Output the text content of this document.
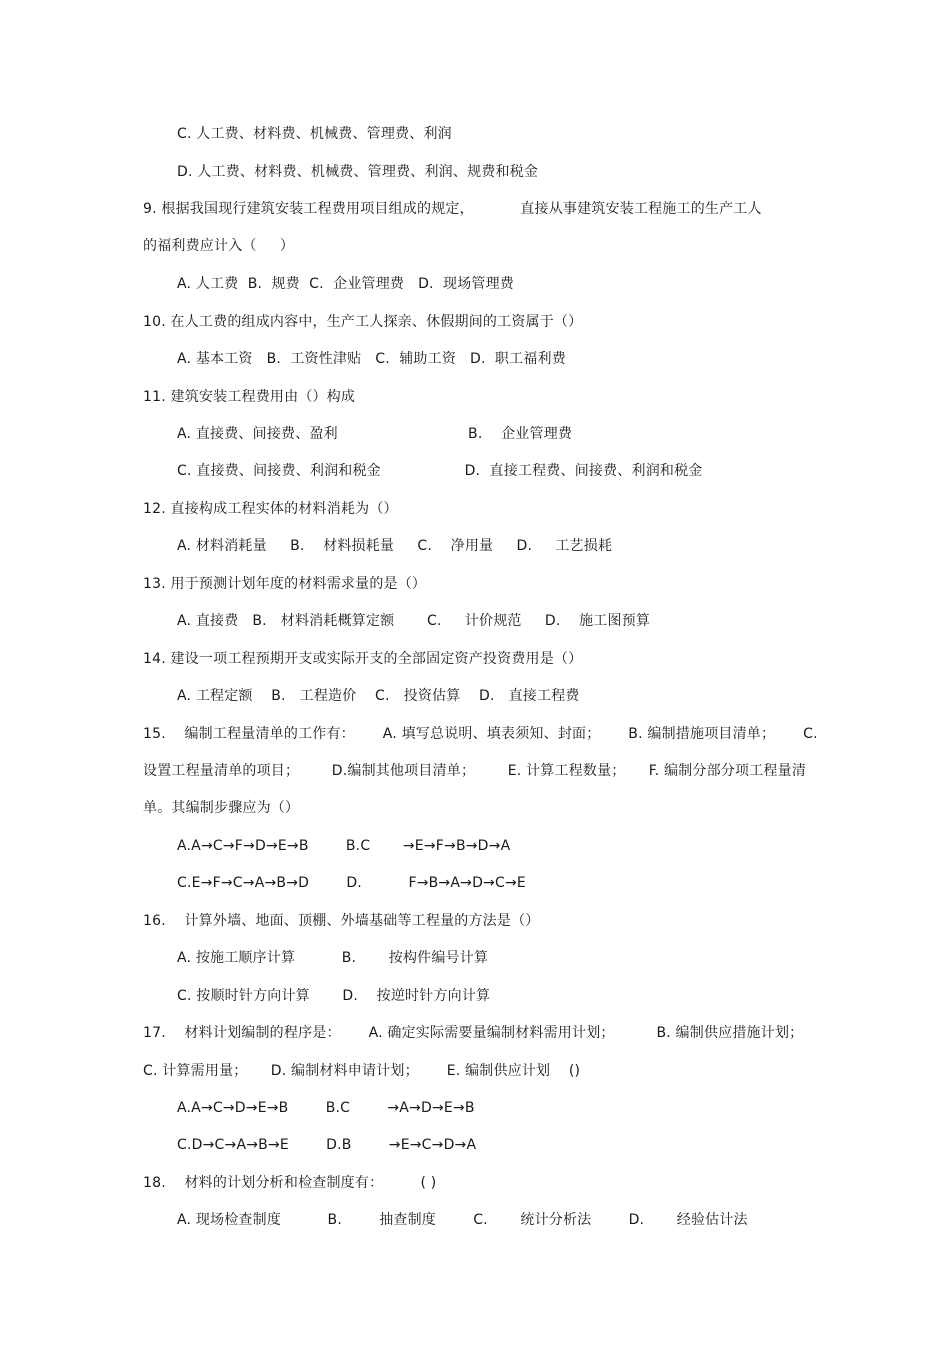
C. 人工费、材料费、机械费、管理费、利润
D. 人工费、材料费、机械费、管理费、利润、规费和税金
9. 根据我国现行建筑安装工程费用项目组成的规定，          直接从事建筑安装工程施工的生产工人
的福利费应计入（     ）
A. 人工费  B.  规费  C.  企业管理费   D.  现场管理费
10. 在人工费的组成内容中，生产工人探亲、休假期间的工资属于（）
A. 基本工资   B.  工资性津贴   C.  辅助工资   D.  职工福利费
11. 建筑安装工程费用由（）构成
A. 直接费、间接费、盈利                            B.    企业管理费
C. 直接费、间接费、利润和税金                  D.  直接工程费、间接费、利润和税金
12. 直接构成工程实体的材料消耗为（）
A. 材料消耗量     B.    材料损耗量     C.    净用量     D.     工艺损耗
13. 用于预测计划年度的材料需求量的是（）
A. 直接费   B.   材料消耗概算定额       C.     计价规范     D.    施工图预算
14. 建设一项工程预期开支或实际开支的全部固定资产投资费用是（）
A. 工程定额    B.   工程造价    C.   投资估算    D.   直接工程费
15.    编制工程量清单的工作有：      A. 填写总说明、填表须知、封面；      B. 编制措施项目清单；      C.
设置工程量清单的项目；       D.编制其他项目清单；       E. 计算工程数量；     F. 编制分部分项工程量清
单。其编制步骤应为（）
A.A→C→F→D→E→B        B.C       →E→F→B→D→A
C.E→F→C→A→B→D        D.          F→B→A→D→C→E
16.    计算外墙、地面、顶棚、外墙基础等工程量的方法是（）
A. 按施工顺序计算          B.       按构件编号计算
C. 按顺时针方向计算       D.    按逆时针方向计算
17.    材料计划编制的程序是：      A. 确定实际需要量编制材料需用计划；         B. 编制供应措施计划；
C. 计算需用量；     D. 编制材料申请计划；      E. 编制供应计划    ()
A.A→C→D→E→B        B.C        →A→D→E→B
C.D→C→A→B→E        D.B        →E→C→D→A
18.    材料的计划分析和检查制度有：        ( )
A. 现场检查制度          B.        抽查制度        C.       统计分析法        D.       经验估计法
